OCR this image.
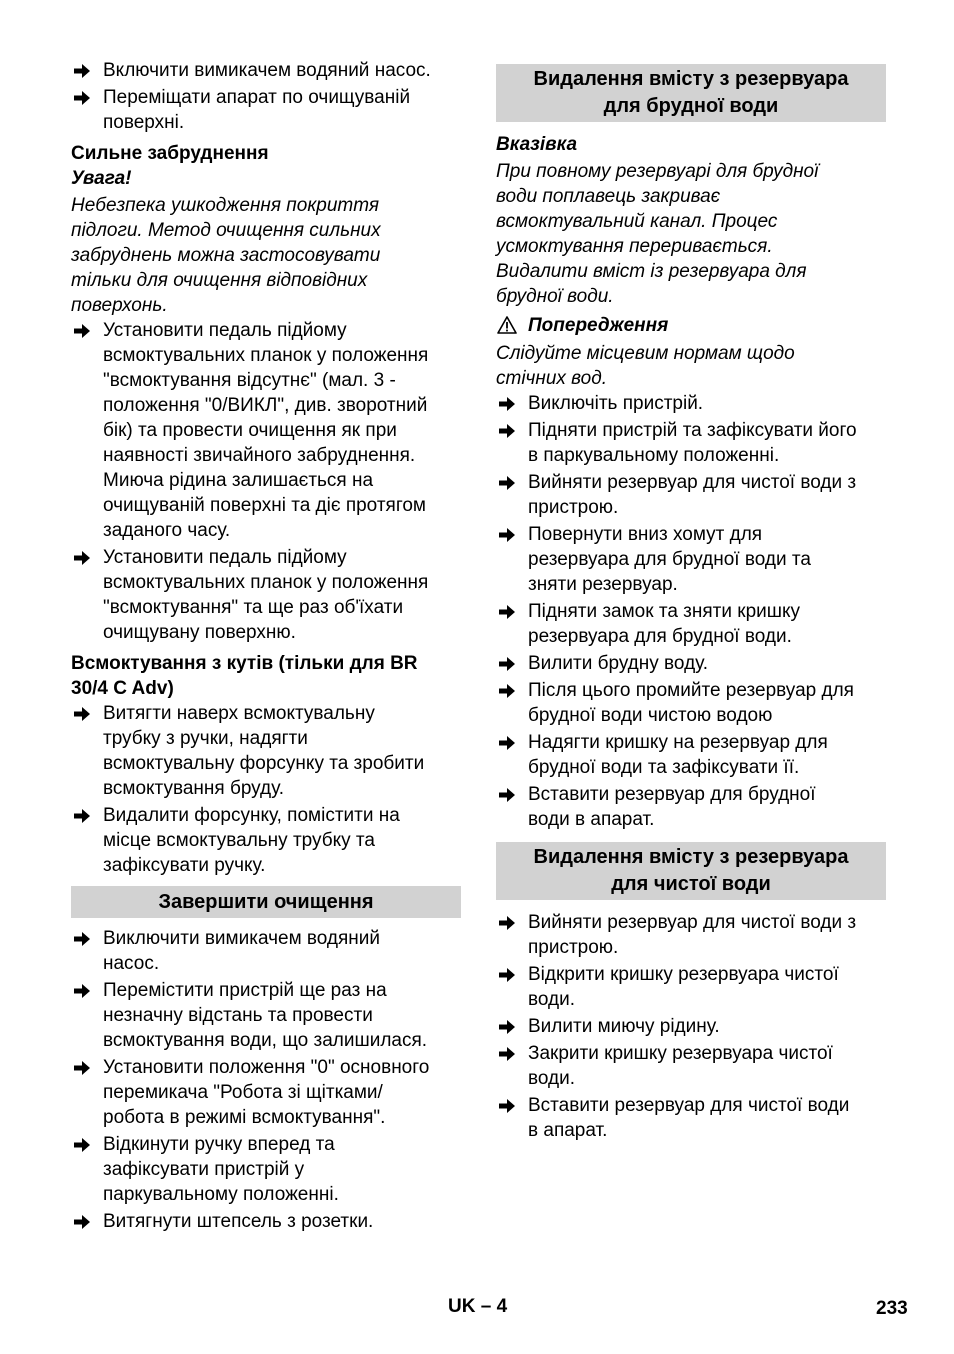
Включити вимикачем водяний насос.
Переміщати апарат по очищуваній
поверхні.
Сильне забруднення
Увага!
Небезпека ушкодження покриття
підлоги. Метод очищення сильних
забруднень можна застосовувати
тільки для очищення відповідних
поверхонь.
Установити педаль підйому
всмоктувальних планок у положення
"всмоктування відсутнє" (мал. 3 -
положення "0/ВИКЛ", див. зворотний
бік) та провести очищення як при
наявності звичайного забруднення.
Миюча рідина залишається на
очищуваній поверхні та діє протягом
заданого часу.
Установити педаль підйому
всмоктувальних планок у положення
"всмоктування" та ще раз об'їхати
очищувану поверхню.
Всмоктування з кутів (тільки для BR
30/4 C Adv)
Витягти наверх всмоктувальну
трубку з ручки, надягти
всмоктувальну форсунку та зробити
всмоктування бруду.
Видалити форсунку, помістити на
місце всмоктувальну трубку та
зафіксувати ручку.
Завершити очищення
Виключити вимикачем водяний
насос.
Перемістити пристрій ще раз на
незначну відстань та провести
всмоктування води, що залишилася.
Установити положення "0" основного
перемикача "Робота зі щітками/
робота в режимі всмоктування".
Відкинути ручку вперед та
зафіксувати пристрій у
паркувальному положенні.
Витягнути штепсель з розетки.
Видалення вмісту з резервуара
для брудної води
Вказівка
При повному резервуарі для брудної
води поплавець закриває
всмоктувальний канал. Процес
усмоктування переривається.
Видалити вміст із резервуара для
брудної води.
Попередження
Слідуйте місцевим нормам щодо
стічних вод.
Виключіть пристрій.
Підняти пристрій та зафіксувати його
в паркувальному положенні.
Вийняти резервуар для чистої води з
пристрою.
Повернути вниз хомут для
резервуара для брудної води та
зняти резервуар.
Підняти замок та зняти кришку
резервуара для брудної води.
Вилити брудну воду.
Після цього промийте резервуар для
брудної води чистою водою
Надягти кришку на резервуар для
брудної води та зафіксувати її.
Вставити резервуар для брудної
води в апарат.
Видалення вмісту з резервуара
для чистої води
Вийняти резервуар для чистої води з
пристрою.
Відкрити кришку резервуара чистої
води.
Вилити миючу рідину.
Закрити кришку резервуара чистої
води.
Вставити резервуар для чистої води
в апарат.
UK – 4	233
